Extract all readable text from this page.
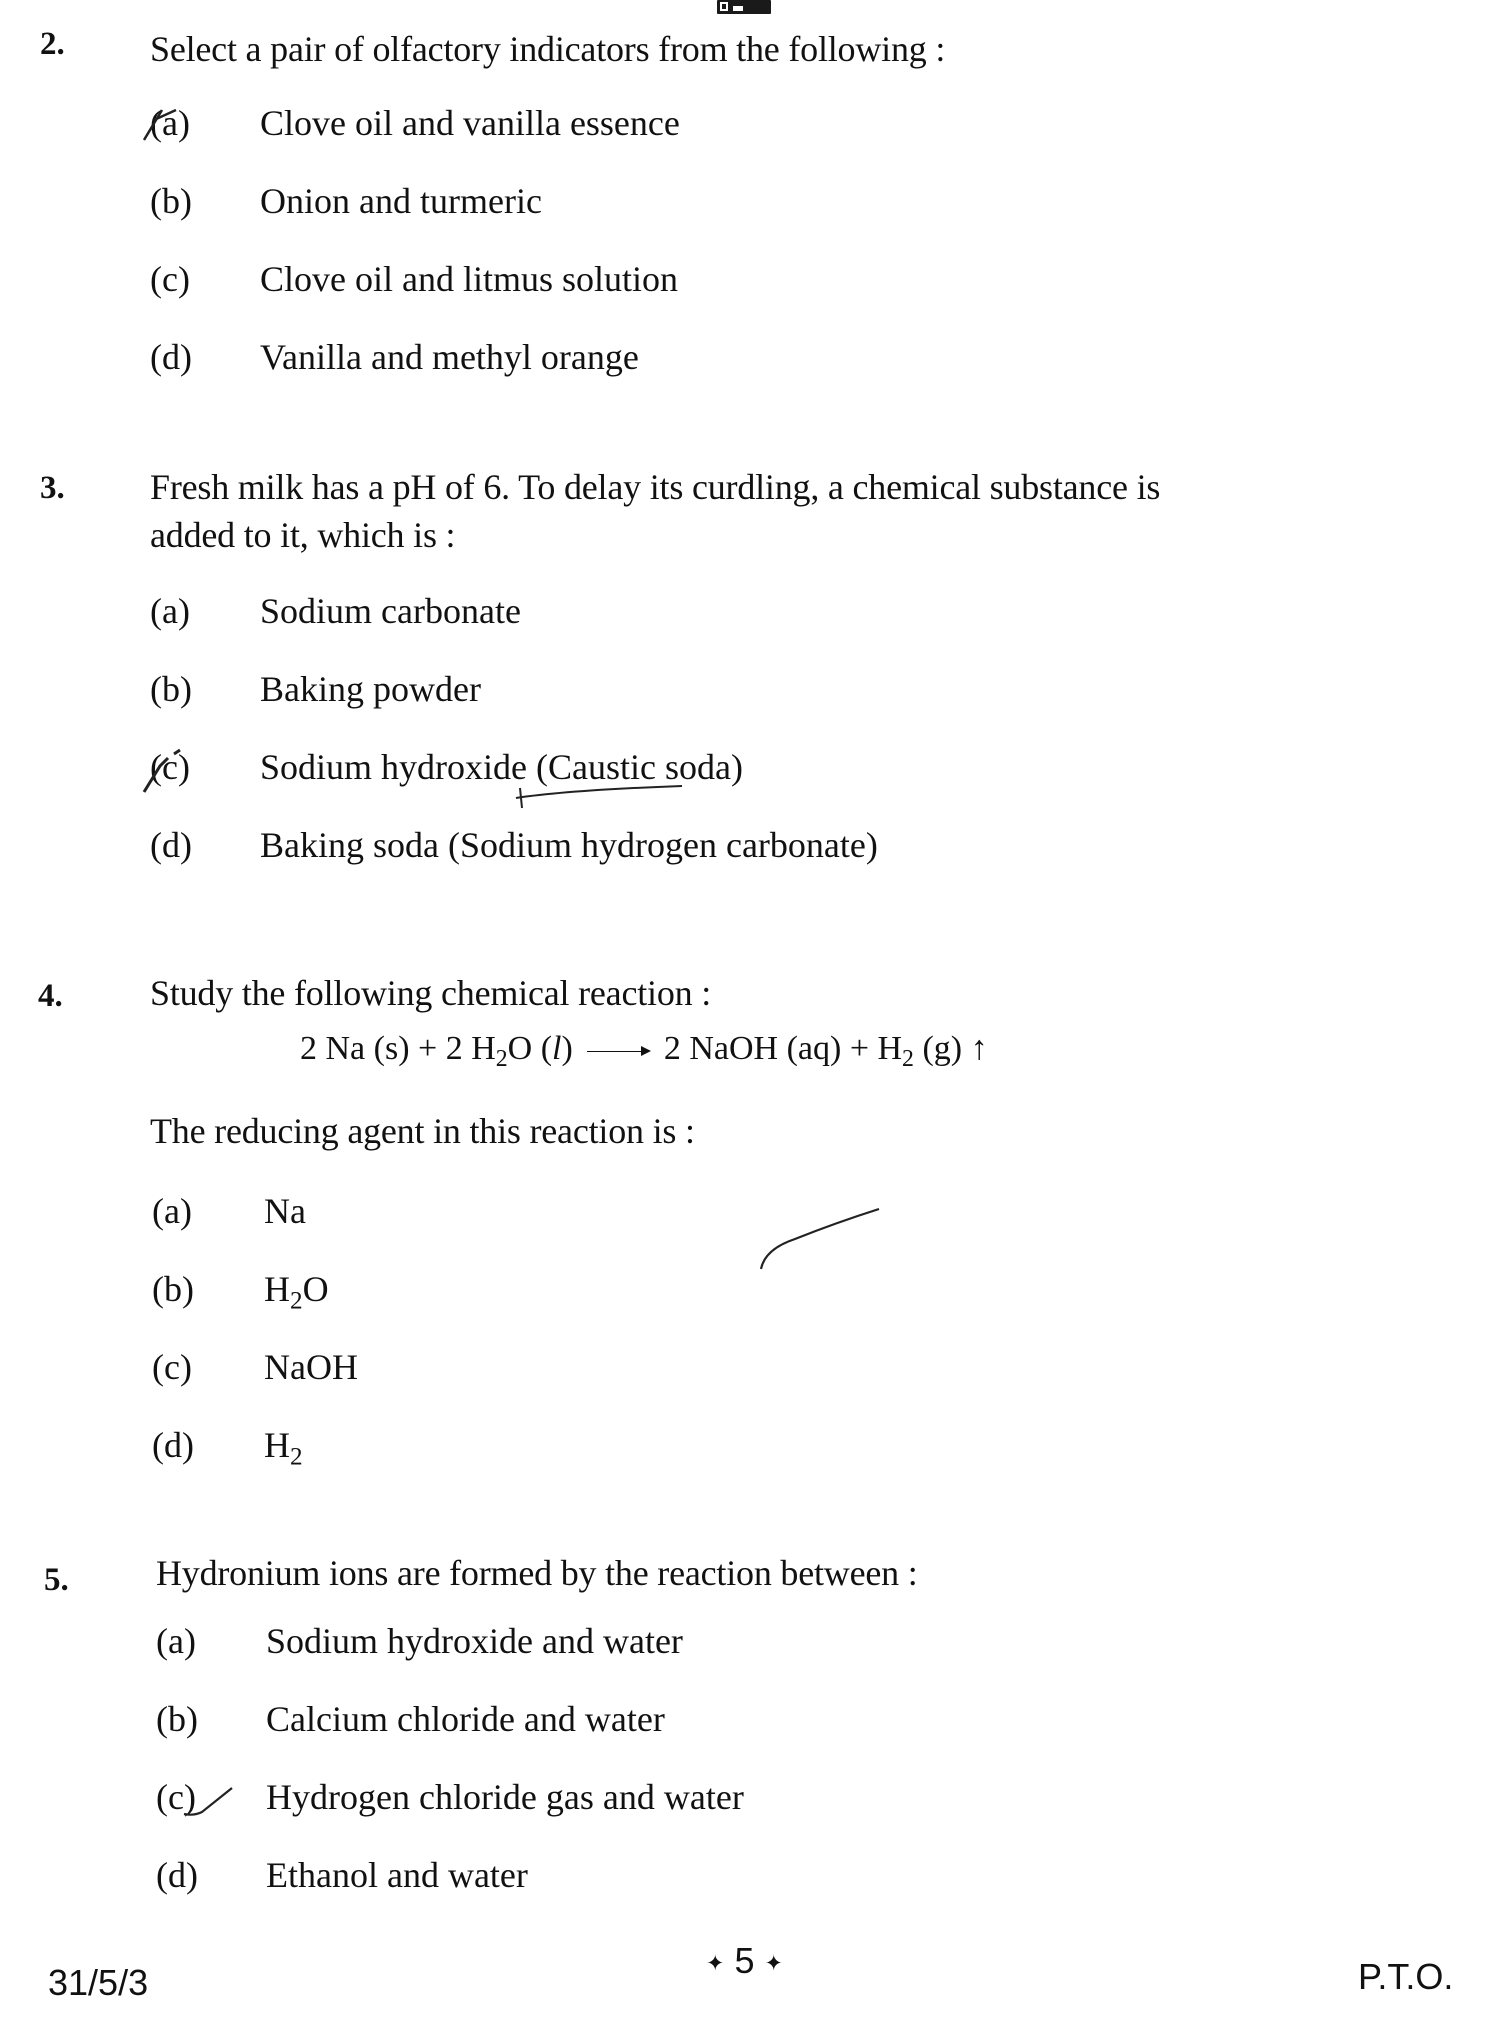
2. Select a pair of olfactory indicators from the following :
(a) Clove oil and vanilla essence
(b) Onion and turmeric
(c) Clove oil and litmus solution
(d) Vanilla and methyl orange
3. Fresh milk has a pH of 6. To delay its curdling, a chemical substance is
added to it, which is :
(a) Sodium carbonate
(b) Baking powder
(c) Sodium hydroxide (Caustic soda)
(d) Baking soda (Sodium hydrogen carbonate)
4. Study the following chemical reaction :
2 Na (s) + 2 $H_2O$ (l) → 2 NaOH $(aq) + H_2$ (g) ↑
The reducing agent in this reaction is :
(a) Na
(b) $H_2O$
(c) NaOH
(d) $H_2$
5. Hydronium ions are formed by the reaction between :
(a) Sodium hydroxide and water
(b) Calcium chloride and water
(c) Hydrogen chloride gas and water
(d) Ethanol and water
31/5/3	✦ 5 ✦	P.T.O.
